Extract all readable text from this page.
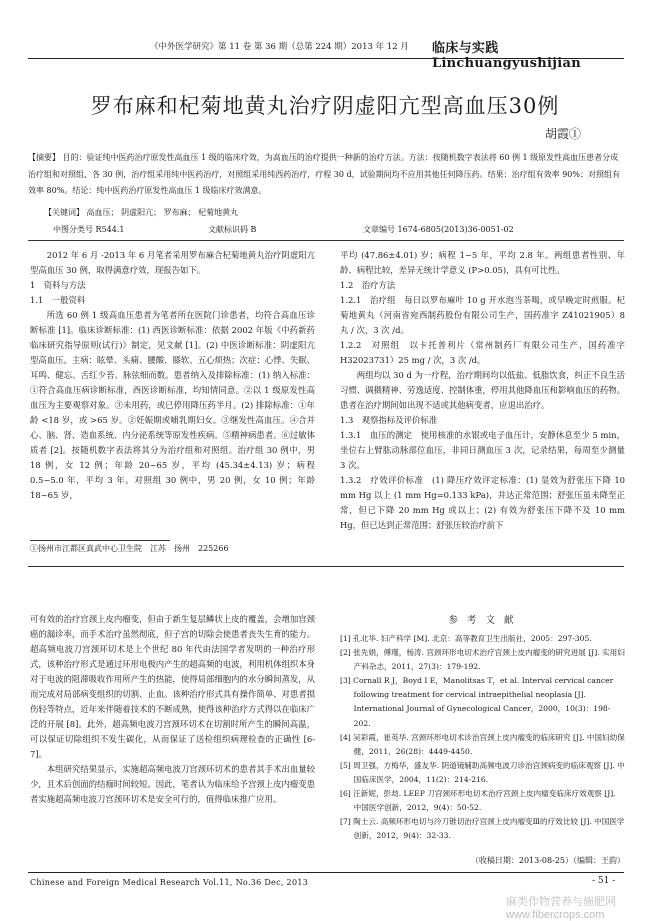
《中外医学研究》第 11 卷 第 36 期（总第 224 期）2013 年 12 月 临床与实践 Linchuangyushijian
罗布麻和杞菊地黄丸治疗阴虚阳亢型高血压30例
胡霞①
【摘要】 目的：验证纯中医药治疗原发性高血压 1 级的临床疗效，为高血压的治疗提供一种新的治疗方法。方法：按随机数字表法将 60 例 1 级原发性高血压患者分成治疗组和对照组，各 30 例，治疗组采用纯中医药治疗，对照组采用纯西药治疗，疗程 30 d，试验期间均不应用其他任何降压药。结果：治疗组有效率 90%；对照组有效率 80%。结论：纯中医药治疗原发性高血压 1 级临床疗效满意。
【关键词】 高血压； 阴虚阳亢； 罗布麻； 杞菊地黄丸
中图分类号 R544.1	文献标识码 B	文章编号 1674-6805(2013)36-0051-02

2012 年 6 月 -2013 年 6 月笔者采用罗布麻合杞菊地黄丸治疗阴虚阳亢型高血压 30 例，取得满意疗效，现报告如下。

1　资料与方法

1.1　一般资料

所选 60 例 1 级高血压患者为笔者所在医院门诊患者，均符合高血压诊断标准 [1]。临床诊断标准：(1) 西医诊断标准：依据 2002 年版《中药新药临床研究指导原则(试行)》制定，见文献 [1]。(2) 中医诊断标准：阴虚阳亢型高血压。主病：眩晕、头痛、腰酸、膝软、五心烦热；次症：心悸、失眠、耳鸣、健忘、舌红少苔、脉弦细而数。患者纳入及排除标准：(1) 纳入标准：①符合高血压病诊断标准，西医诊断标准，均知情同意。②以 1 级原发性高血压为主要观察对象。③未用药，或已停用降压药半月。(2) 排除标准：①年龄 <18 岁，或 >65 岁。②妊娠期或哺乳期妇女。③继发性高血压。④合并心、脑、肾、造血系统、内分泌系统等原发性疾病。⑤精神病患者。⑥过敏体质者 [2]。按随机数字表法将其分为治疗组和对照组。治疗组 30 例中，男 18 例，女 12 例；年龄 20~65 岁，平均 (45.34±4.13) 岁；病程 0.5~5.0 年，平均 3 年。对照组 30 例中，男 20 例，女 10 例；年龄 18~65 岁，

平均 (47.86±4.01) 岁；病程 1~5 年，平均 2.8 年。两组患者性别、年龄、病程比较，差异无统计学意义 (P>0.05)，具有可比性。

1.2　治疗方法

1.2.1　治疗组　每日以罗布麻叶 10 g 开水泡当茶喝，或早晚定时煎服。杞菊地黄丸（河南省宛西制药股份有限公司生产，国药准字 Z41021905）8 丸 / 次，3 次 /d。

1.2.2　对照组　以卡托普利片（常州制药厂有限公司生产，国药准字 H32023731）25 mg / 次，3 次 /d。

两组均以 30 d 为一疗程，治疗期间均以低盐、低脂饮食，纠正不良生活习惯、调摄精神、劳逸适度、控制体重，停用其他降血压和影响血压的药物。患者在治疗期间如出现不适或其他病变者，应退出治疗。

1.3　观察指标及评价标准

1.3.1　血压的测定　使用核准的水银或电子血压计，安静休息至少 5 min，坐位右上臂肱动脉部位血压，非同日测血压 3 次，记录结果，每周至少测量 3 次。

1.3.2　疗效评价标准　(1) 降压疗效评定标准：(1) 显效为舒张压下降 10 mm Hg 以上 (1 mm Hg=0.133 kPa)，并达正常范围；舒张压虽未降至正常，但已下降 20 mm Hg 或以上；(2) 有效为舒张压下降不及 10 mm Hg，但已达到正常范围；舒张压较治疗前下

①扬州市江都区真武中心卫生院　江苏　扬州　225266

可有效的治疗宫颈上皮内瘤变，但由于新生复层鳞状上皮的覆盖，会增加宫颈癌的漏诊率，而手术治疗虽然彻底，但子宫的切除会使患者丧失生育的能力。超高频电波刀宫颈环切术是上个世纪 80 年代由法国学者发明的一种治疗形式，该种治疗形式是通过环形电极内产生的超高频的电波，利用机体组织本身对于电波的阻滞吸收作用所产生的热能，使得局部细胞内的水分瞬间蒸发，从而完成对局部病变组织的切割、止血。该种治疗形式具有操作简单、对患者损伤轻等特点，近年来伴随着技术的不断成熟，使得该种治疗方式得以在临床广泛的开展 [8]。此外，超高频电波刀宫颈环切术在切割时所产生的瞬间高温，可以保证切除组织不发生碳化，从而保证了送检组织病理检查的正确性 [6-7]。

本组研究结果显示，实施超高频电波刀宫颈环切术的患者其手术出血量较少，且术后创面的结痂时间较短。因此，笔者认为临床给予宫颈上皮内瘤变患者实施超高频电波刀宫颈环切术是安全可行的，值得临床推广应用。

参 考 文 献

[1] 孔北华. 妇产科学 [M]. 北京：高等教育卫生出版社，2005：297-305.

[2] 张先娟，傅瑾，杨涛. 宫颈环形电切术治疗宫颈上皮内瘤变的研究进展 [J]. 实用妇产科杂志，2011，27(3)：179-192.

[3] Cornall R J，Boyd I E，Manolitsas T，et al. Interval cervical cancer following treatment for cervical intraepithelial neoplasia [J]. International Journal of Gynecological Cancer，2000，10(3)：198-202.

[4] 吴彩霞，崔英华. 宫颈环形电切术诊治宫颈上皮内瘤变的临床研究 [J]. 中国妇幼保健，2011，26(28)：4449-4450.

[5] 周卫强，方梅华，盛友华. 阴道镜辅助高频电波刀诊治宫颈病变的临床观察 [J]. 中国临床医学，2004，11(2)：214-216.

[6] 汪新妮，彭劫. LEEP 刀宫颈环形电切术治疗宫颈上皮内瘤变临床疗效观察 [J]. 中国医学创新，2012，9(4)：50-52.

[7] 陶士云. 高频环形电切与冷刀锥切治疗宫颈上皮内瘤变Ⅲ的疗效比较 [J]. 中国医学创新，2012，9(4)：32-33.

（收稿日期：2013-08-25）（编辑：王韵）
Chinese and Foreign Medical Research Vol.11, No.36 Dec, 2013	- 51 -
麻类作物营养与施肥网 www.fibercrops.com
